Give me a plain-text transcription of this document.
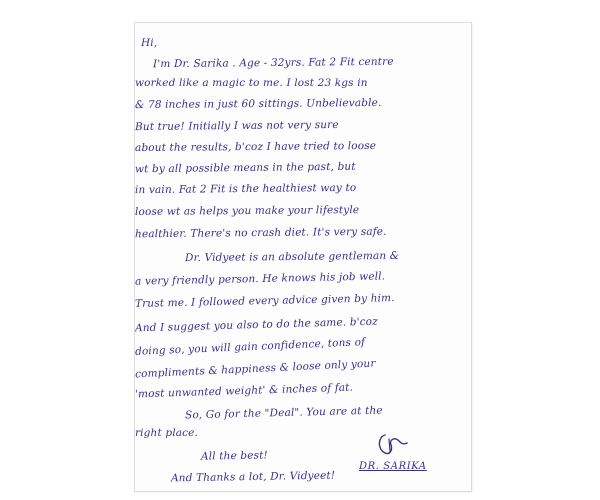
Hi,
I'm Dr. Sarika . Age - 32yrs. Fat 2 Fit centre
worked like a magic to me. I lost 23 kgs in
& 78 inches in just 60 sittings. Unbelievable.
But true! Initially I was not very sure
about the results, b'coz I have tried to loose
wt by all possible means in the past, but
in vain. Fat 2 Fit is the healthiest way to
loose wt as helps you make your lifestyle
healthier. There's no crash diet. It's very safe.
Dr. Vidyeet is an absolute gentleman &
a very friendly person. He knows his job well.
Trust me. I followed every advice given by him.
And I suggest you also to do the same. b'coz
doing so, you will gain confidence, tons of
compliments & happiness & loose only your
'most unwanted weight' & inches of fat.
So, Go for the "Deal". You are at the
right place.
All the best!
And Thanks a lot, Dr. Vidyeet!
DR. SARIKA
